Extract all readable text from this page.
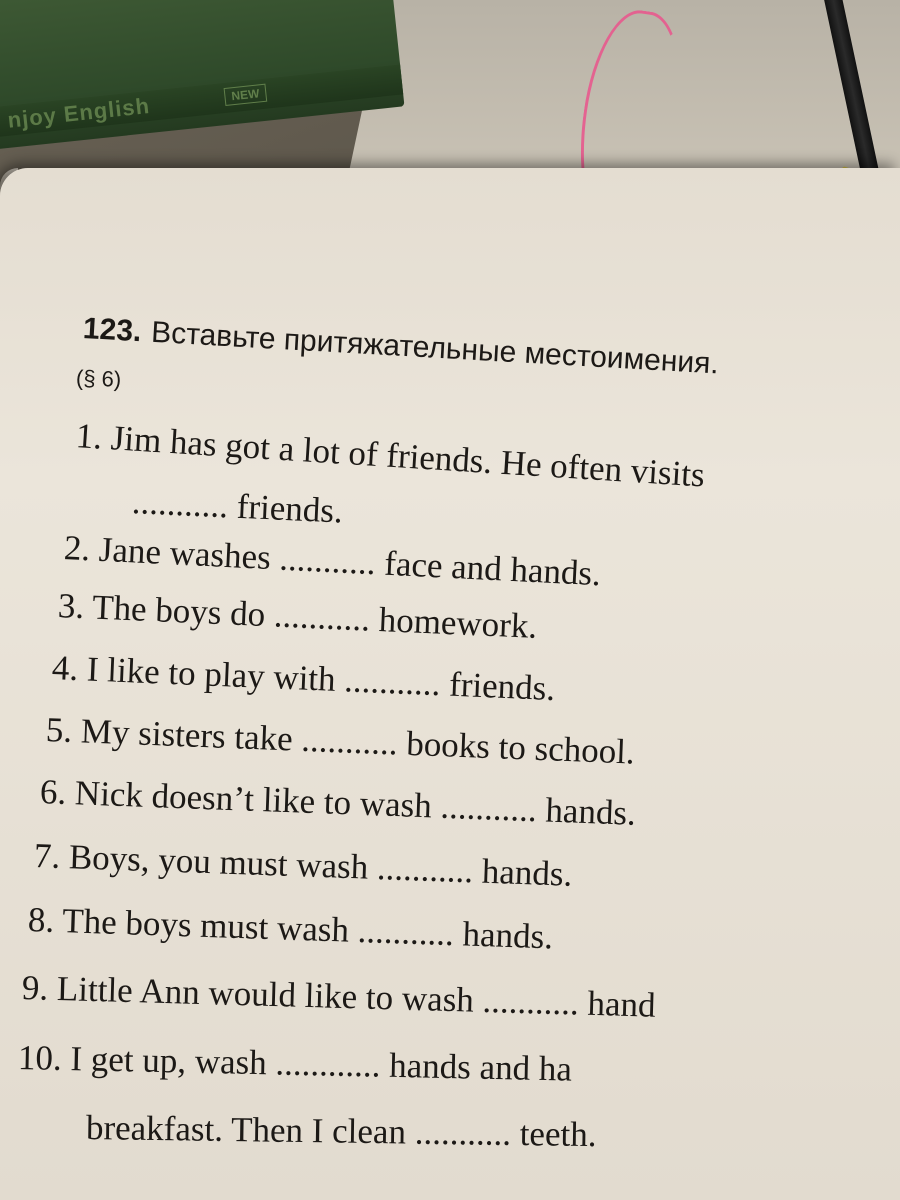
njoy English	NEW
123. Вставьте притяжательные местоимения.
(§ 6)
1. Jim has got a lot of friends. He often visits
........... friends.
2. Jane washes ........... face and hands.
3. The boys do ........... homework.
4. I like to play with ........... friends.
5. My sisters take ........... books to school.
6. Nick doesn’t like to wash ........... hands.
7. Boys, you must wash ........... hands.
8. The boys must wash ........... hands.
9. Little Ann would like to wash ........... hand
10. I get up, wash ............ hands and ha
breakfast. Then I clean ........... teeth.
